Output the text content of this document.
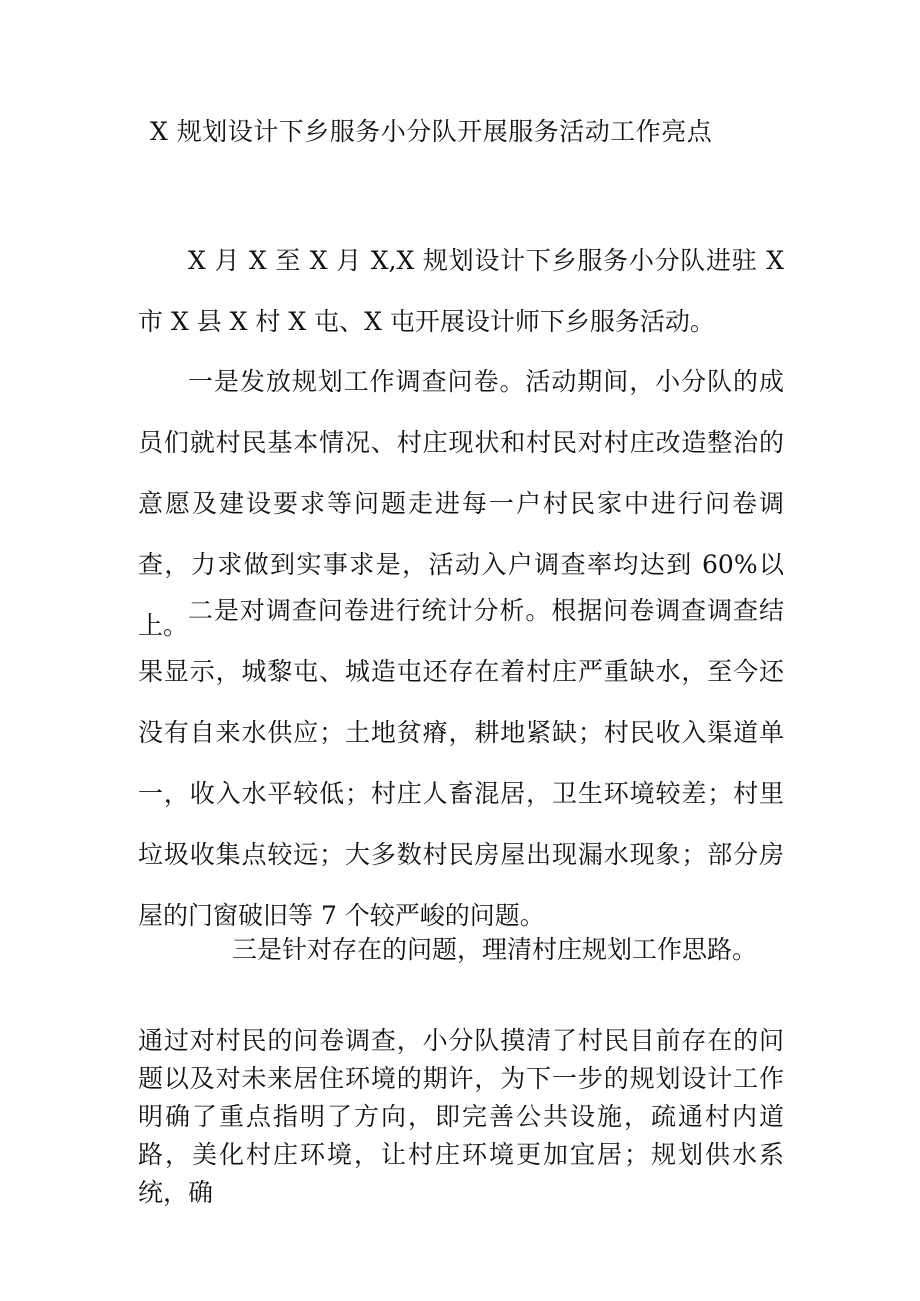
X 规划设计下乡服务小分队开展服务活动工作亮点

X 月 X 至 X 月 X,X 规划设计下乡服务小分队进驻 X 市 X 县 X 村 X 屯、X 屯开展设计师下乡服务活动。

一是发放规划工作调查问卷。活动期间，小分队的成员们就村民基本情况、村庄现状和村民对村庄改造整治的意愿及建设要求等问题走进每一户村民家中进行问卷调查，力求做到实事求是，活动入户调查率均达到 60%以上。

二是对调查问卷进行统计分析。根据问卷调查调查结果显示，城黎屯、城造屯还存在着村庄严重缺水，至今还没有自来水供应；土地贫瘠，耕地紧缺；村民收入渠道单一，收入水平较低；村庄人畜混居，卫生环境较差；村里垃圾收集点较远；大多数村民房屋出现漏水现象；部分房屋的门窗破旧等 7 个较严峻的问题。

三是针对存在的问题，理清村庄规划工作思路。

通过对村民的问卷调查，小分队摸清了村民目前存在的问题以及对未来居住环境的期许，为下一步的规划设计工作明确了重点指明了方向，即完善公共设施，疏通村内道路，美化村庄环境，让村庄环境更加宜居；规划供水系统，确
